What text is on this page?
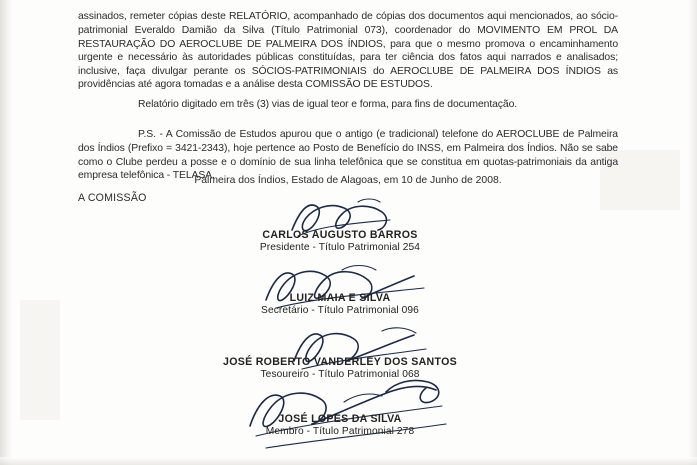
assinados, remeter cópias deste RELATÓRIO, acompanhado de cópias dos documentos aqui mencionados, ao sócio-patrimonial Everaldo Damião da Silva (Título Patrimonial 073), coordenador do MOVIMENTO EM PROL DA RESTAURAÇÃO DO AEROCLUBE DE PALMEIRA DOS ÍNDIOS, para que o mesmo promova o encaminhamento urgente e necessário às autoridades públicas constituídas, para ter ciência dos fatos aqui narrados e analisados; inclusive, faça divulgar perante os SÓCIOS-PATRIMONIAIS do AEROCLUBE DE PALMEIRA DOS ÍNDIOS as providências até agora tomadas e a análise desta COMISSÃO DE ESTUDOS.

Relatório digitado em três (3) vias de igual teor e forma, para fins de documentação.

P.S. - A Comissão de Estudos apurou que o antigo (e tradicional) telefone do AEROCLUBE de Palmeira dos Índios (Prefixo = 3421-2343), hoje pertence ao Posto de Benefício do INSS, em Palmeira dos Índios. Não se sabe como o Clube perdeu a posse e o domínio de sua linha telefônica que se constitua em quotas-patrimoniais da antiga empresa telefônica - TELASA.

Palmeira dos Índios, Estado de Alagoas, em 10 de Junho de 2008.
A COMISSÃO
CARLOS AUGUSTO BARROS
Presidente - Título Patrimonial 254
LUIZ MAIA E SILVA
Secretário - Título Patrimonial 096
JOSÉ ROBERTO VANDERLEY DOS SANTOS
Tesoureiro - Título Patrimonial 068
JOSÉ LOPES DA SILVA
Membro - Título Patrimonial 278
